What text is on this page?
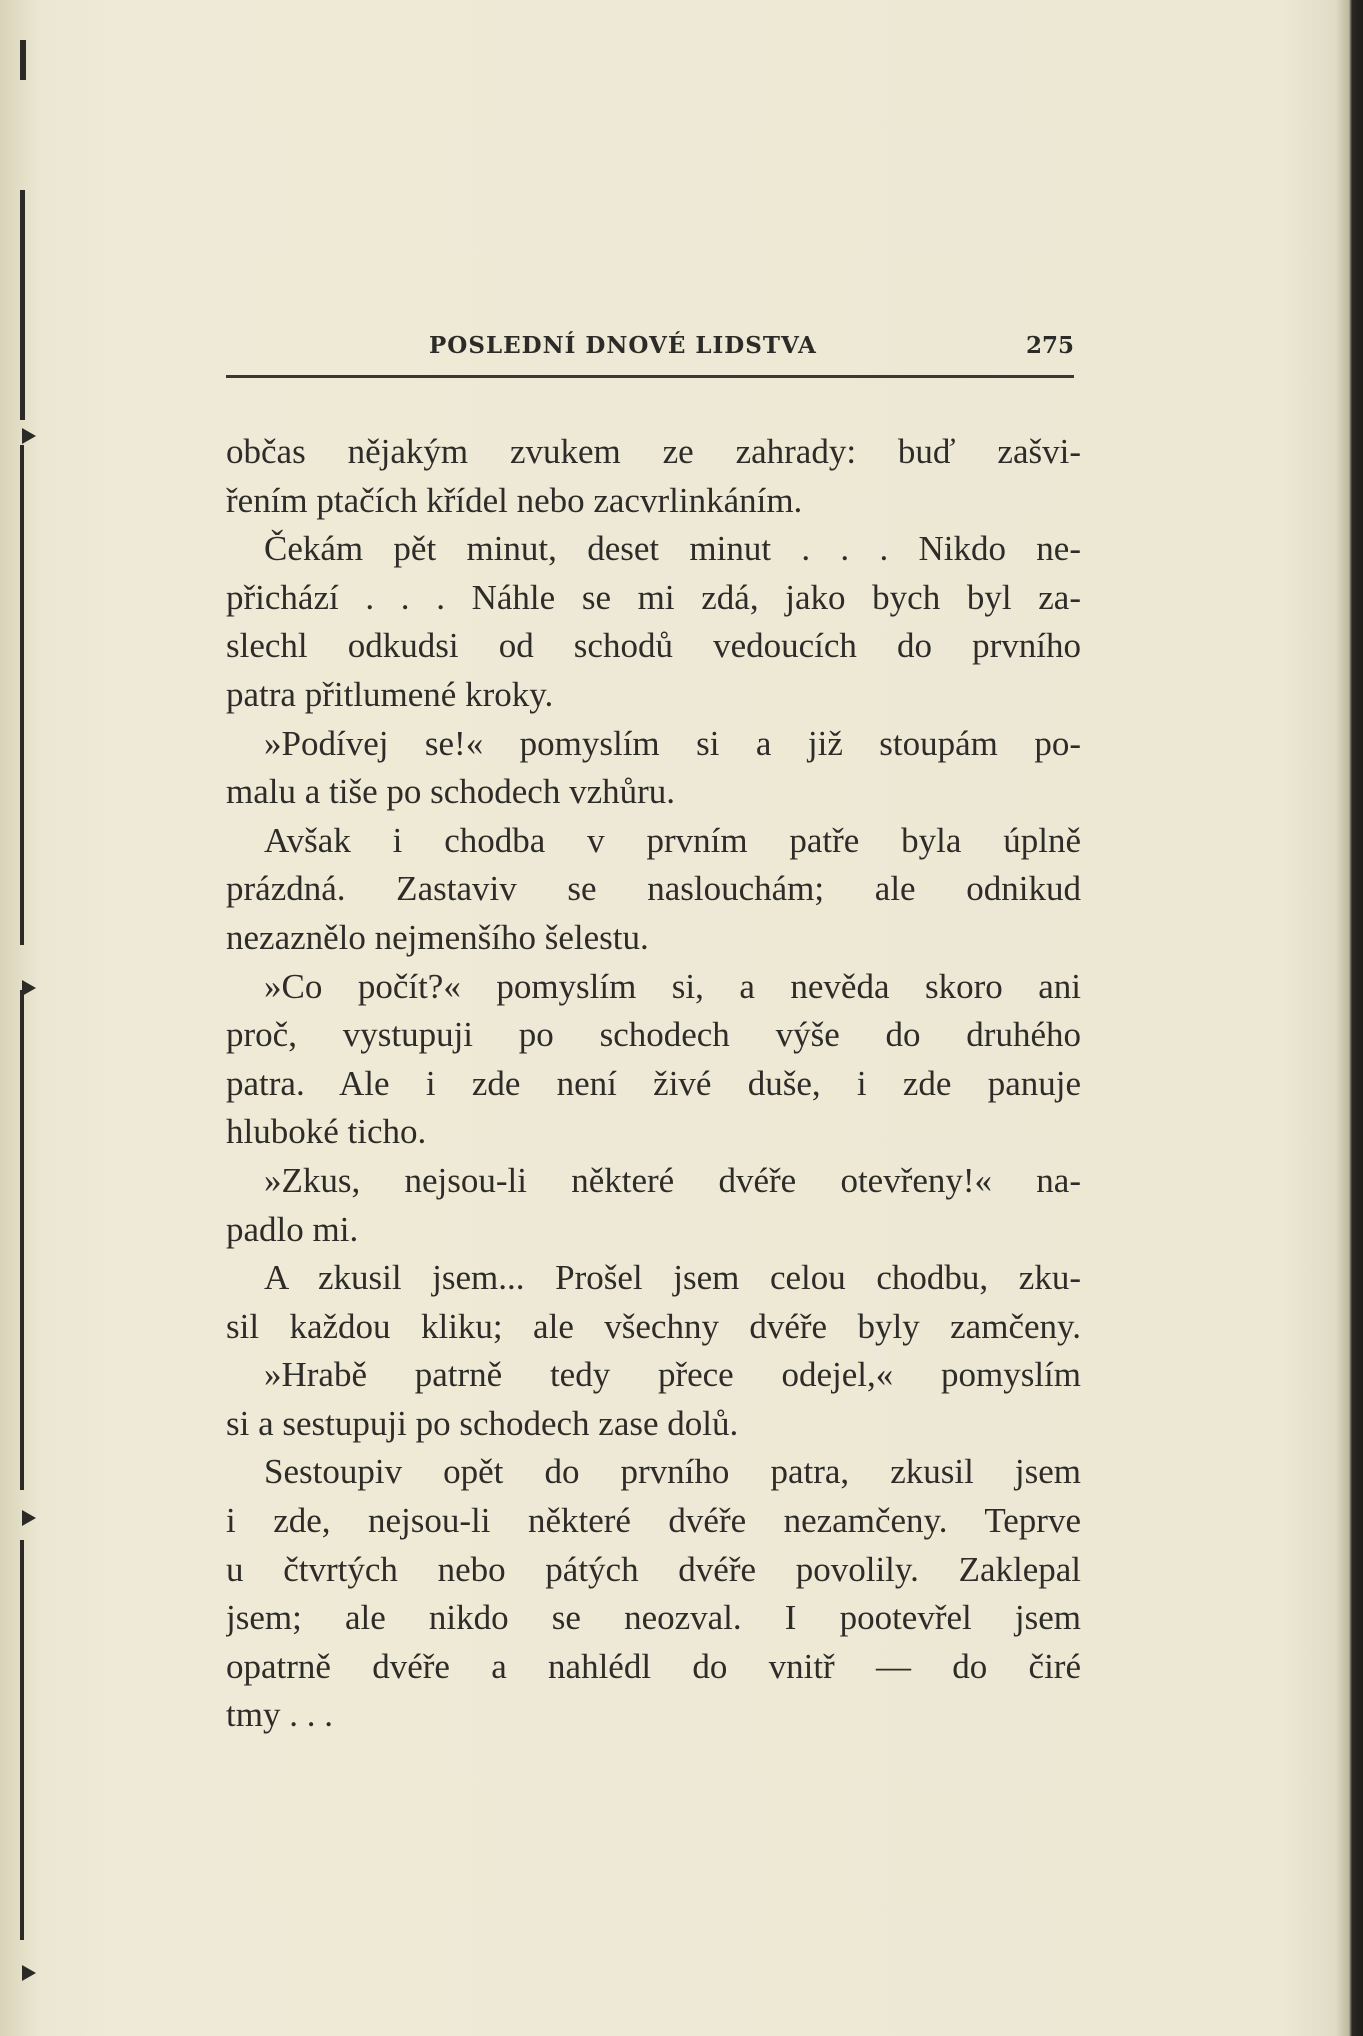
POSLEDNÍ DNOVÉ LIDSTVA	275
občas nějakým zvukem ze zahrady: buď zašvi-
řením ptačích křídel nebo zacvrlinkáním.
Čekám pět minut, deset minut . . . Nikdo ne-
přichází . . . Náhle se mi zdá, jako bych byl za-
slechl odkudsi od schodů vedoucích do prvního
patra přitlumené kroky.
»Podívej se!« pomyslím si a již stoupám po-
malu a tiše po schodech vzhůru.
Avšak i chodba v prvním patře byla úplně
prázdná. Zastaviv se naslouchám; ale odnikud
nezaznělo nejmenšího šelestu.
»Co počít?« pomyslím si, a nevěda skoro ani
proč, vystupuji po schodech výše do druhého
patra. Ale i zde není živé duše, i zde panuje
hluboké ticho.
»Zkus, nejsou-li některé dvéře otevřeny!« na-
padlo mi.
A zkusil jsem... Prošel jsem celou chodbu, zku-
sil každou kliku; ale všechny dvéře byly zamčeny.
»Hrabě patrně tedy přece odejel,« pomyslím
si a sestupuji po schodech zase dolů.
Sestoupiv opět do prvního patra, zkusil jsem
i zde, nejsou-li některé dvéře nezamčeny. Teprve
u čtvrtých nebo pátých dvéře povolily. Zaklepal
jsem; ale nikdo se neozval. I pootevřel jsem
opatrně dvéře a nahlédl do vnitř — do čiré
tmy . . .
